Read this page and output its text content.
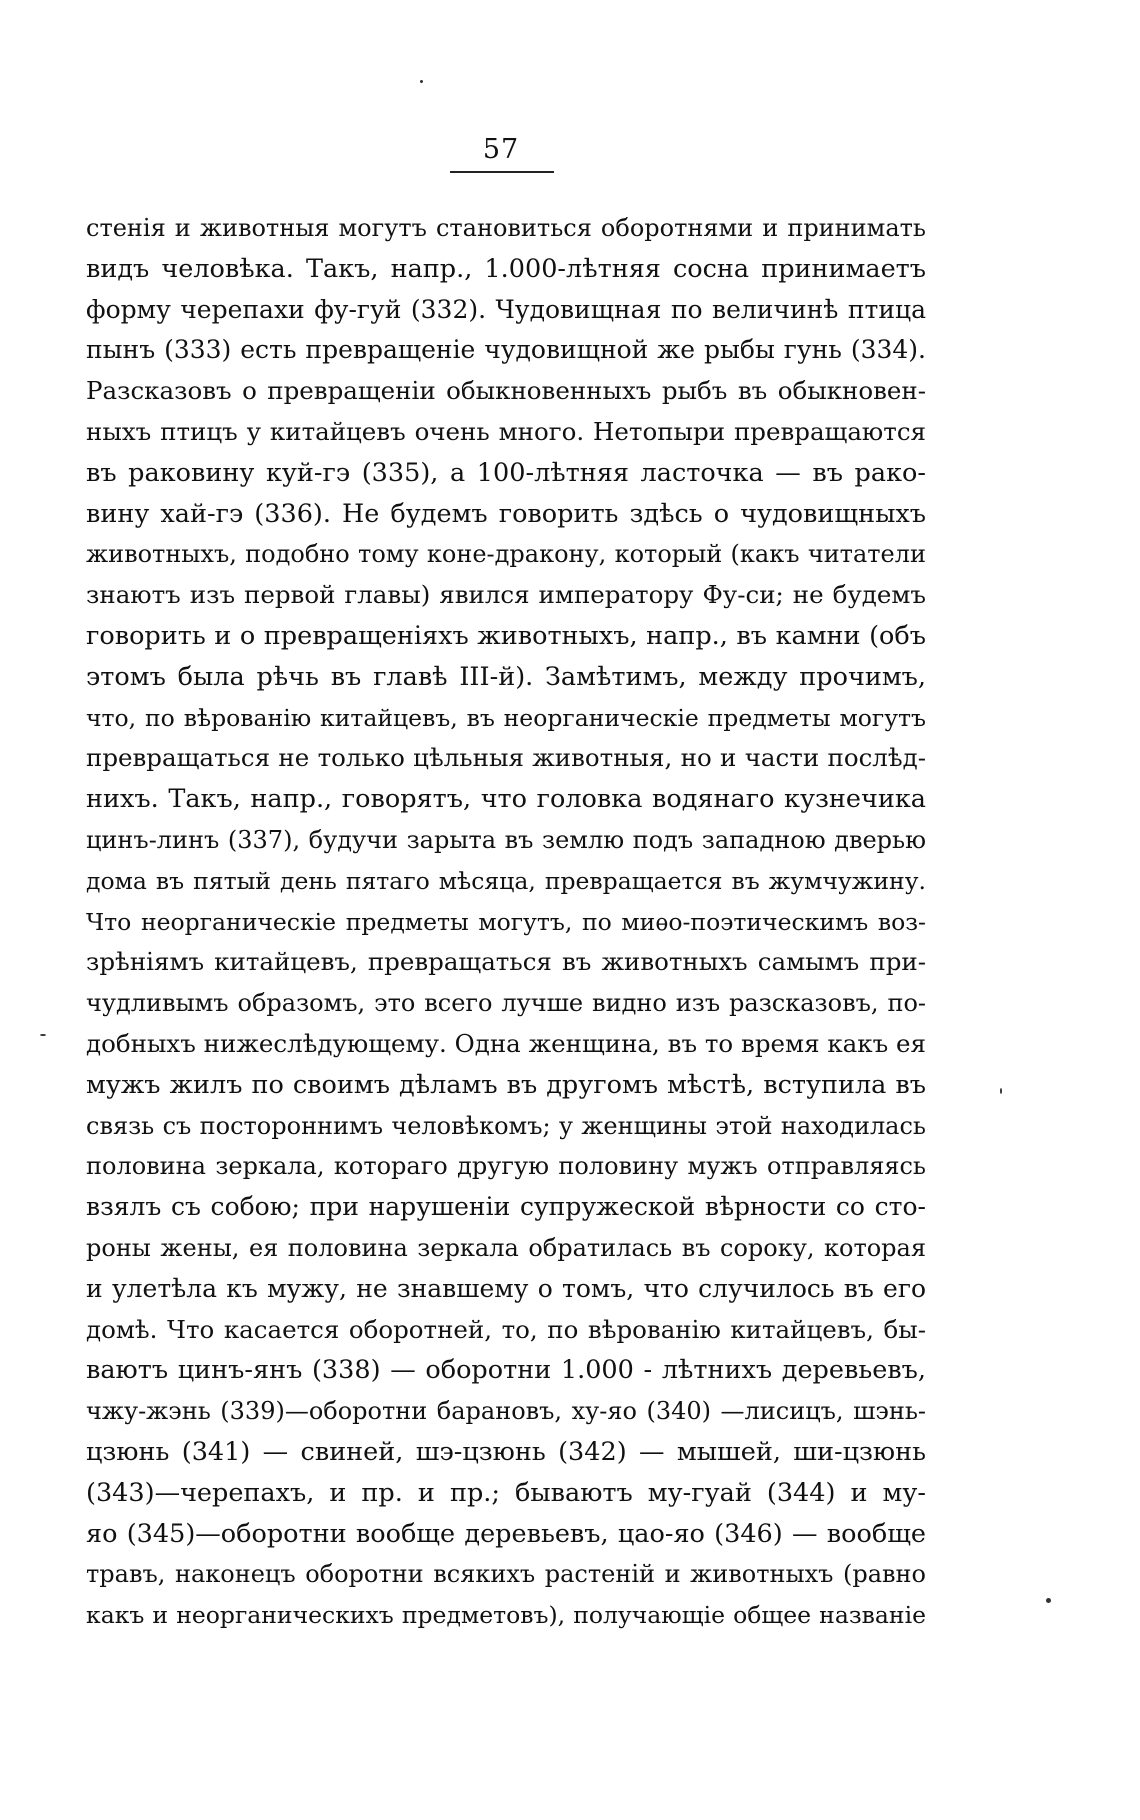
57
стенія и животныя могутъ становиться оборотнями и принимать
видъ человѣка. Такъ, напр., 1.000-лѣтняя сосна принимаетъ
форму черепахи фу-гуй (332). Чудовищная по величинѣ птица
пынъ (333) есть превращеніе чудовищной же рыбы гунь (334).
Разсказовъ о превращеніи обыкновенныхъ рыбъ въ обыкновен-
ныхъ птицъ у китайцевъ очень много. Нетопыри превращаются
въ раковину куй-гэ (335), а 100-лѣтняя ласточка — въ рако-
вину хай-гэ (336). Не будемъ говорить здѣсь о чудовищныхъ
животныхъ, подобно тому коне-дракону, который (какъ читатели
знаютъ изъ первой главы) явился императору Фу-си; не будемъ
говорить и о превращеніяхъ животныхъ, напр., въ камни (объ
этомъ была рѣчь въ главѣ III-й). Замѣтимъ, между прочимъ,
что, по вѣрованію китайцевъ, въ неорганическіе предметы могутъ
превращаться не только цѣльныя животныя, но и части послѣд-
нихъ. Такъ, напр., говорятъ, что головка водянаго кузнечика
цинъ-линъ (337), будучи зарыта въ землю подъ западною дверью
дома въ пятый день пятаго мѣсяца, превращается въ жумчужину.
Что неорганическіе предметы могутъ, по миѳо-поэтическимъ воз-
зрѣніямъ китайцевъ, превращаться въ животныхъ самымъ при-
чудливымъ образомъ, это всего лучше видно изъ разсказовъ, по-
добныхъ нижеслѣдующему. Одна женщина, въ то время какъ ея
мужъ жилъ по своимъ дѣламъ въ другомъ мѣстѣ, вступила въ
связь съ постороннимъ человѣкомъ; у женщины этой находилась
половина зеркала, котораго другую половину мужъ отправляясь
взялъ съ собою; при нарушеніи супружеской вѣрности со сто-
роны жены, ея половина зеркала обратилась въ сороку, которая
и улетѣла къ мужу, не знавшему о томъ, что случилось въ его
домѣ. Что касается оборотней, то, по вѣрованію китайцевъ, бы-
ваютъ цинъ-янъ (338) — оборотни 1.000 - лѣтнихъ деревьевъ,
чжу-жэнь (339)—оборотни барановъ, ху-яо (340) —лисицъ, шэнь-
цзюнь (341) — свиней, шэ-цзюнь (342) — мышей, ши-цзюнь
(343)—черепахъ, и пр. и пр.; бываютъ му-гуай (344) и му-
яо (345)—оборотни вообще деревьевъ, цао-яо (346) — вообще
травъ, наконецъ оборотни всякихъ растеній и животныхъ (равно
какъ и неорганическихъ предметовъ), получающіе общее названіе
